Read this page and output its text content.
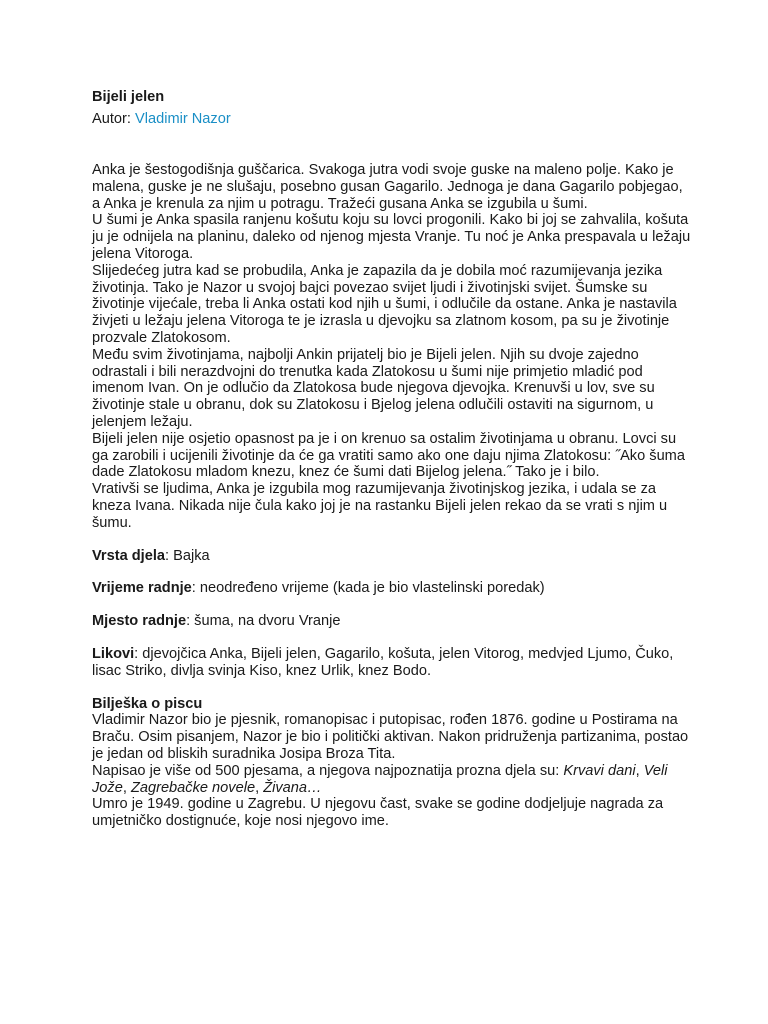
Bijeli jelen

Autor: Vladimir Nazor

Anka je šestogodišnja guščarica. Svakoga jutra vodi svoje guske na maleno polje. Kako je malena, guske je ne slušaju, posebno gusan Gagarilo. Jednoga je dana Gagarilo pobjegao, a Anka je krenula za njim u potragu. Tražeći gusana Anka se izgubila u šumi.

U šumi je Anka spasila ranjenu košutu koju su lovci progonili. Kako bi joj se zahvalila, košuta ju je odnijela na planinu, daleko od njenog mjesta Vranje. Tu noć je Anka prespavala u ležaju jelena Vitoroga.

Slijedećeg jutra kad se probudila, Anka je zapazila da je dobila moć razumijevanja jezika životinja. Tako je Nazor u svojoj bajci povezao svijet ljudi i životinjski svijet. Šumske su životinje vijećale, treba li Anka ostati kod njih u šumi, i odlučile da ostane. Anka je nastavila živjeti u ležaju jelena Vitoroga te je izrasla u djevojku sa zlatnom kosom, pa su je životinje prozvale Zlatokosom.

Među svim životinjama, najbolji Ankin prijatelj bio je Bijeli jelen. Njih su dvoje zajedno odrastali i bili nerazdvojni do trenutka kada Zlatokosu u šumi nije primjetio mladić pod imenom Ivan. On je odlučio da Zlatokosa bude njegova djevojka. Krenuvši u lov, sve su životinje stale u obranu, dok su Zlatokosu i Bjelog jelena odlučili ostaviti na sigurnom, u jelenjem ležaju.

Bijeli jelen nije osjetio opasnost pa je i on krenuo sa ostalim životinjama u obranu. Lovci su ga zarobili i ucijenili životinje da će ga vratiti samo ako one daju njima Zlatokosu: ˝Ako šuma dade Zlatokosu mladom knezu, knez će šumi dati Bijelog jelena.˝ Tako je i bilo.

Vrativši se ljudima, Anka je izgubila mog razumijevanja životinjskog jezika, i udala se za kneza Ivana. Nikada nije čula kako joj je na rastanku Bijeli jelen rekao da se vrati s njim u šumu.

Vrsta djela: Bajka

Vrijeme radnje: neodređeno vrijeme (kada je bio vlastelinski poredak)

Mjesto radnje: šuma, na dvoru Vranje

Likovi: djevojčica Anka, Bijeli jelen, Gagarilo, košuta, jelen Vitorog, medvjed Ljumo, Čuko, lisac Striko, divlja svinja Kiso, knez Urlik, knez Bodo.

Bilješka o piscu

Vladimir Nazor bio je pjesnik, romanopisac i putopisac, rođen 1876. godine u Postirama na Braču. Osim pisanjem, Nazor je bio i politički aktivan. Nakon pridruženja partizanima, postao je jedan od bliskih suradnika Josipa Broza Tita.

Napisao je više od 500 pjesama, a njegova najpoznatija prozna djela su: Krvavi dani, Veli Jože, Zagrebačke novele, Živana…

Umro je 1949. godine u Zagrebu. U njegovu čast, svake se godine dodjeljuje nagrada za umjetničko dostignuće, koje nosi njegovo ime.
